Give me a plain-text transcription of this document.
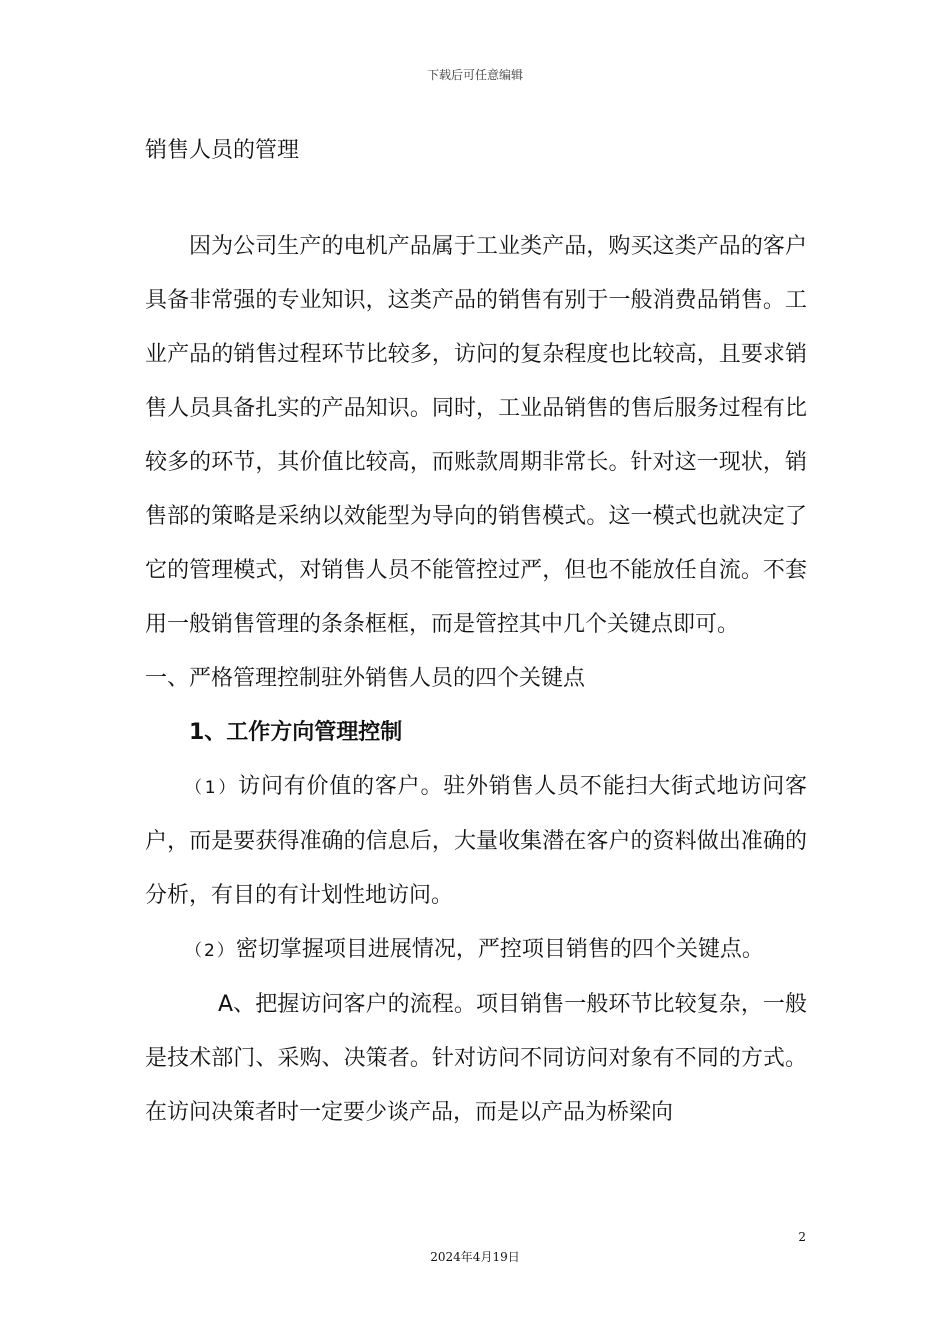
下载后可任意编辑
销售人员的管理

因为公司生产的电机产品属于工业类产品，购买这类产品的客户具备非常强的专业知识，这类产品的销售有别于一般消费品销售。工业产品的销售过程环节比较多，访问的复杂程度也比较高，且要求销售人员具备扎实的产品知识。同时，工业品销售的售后服务过程有比较多的环节，其价值比较高，而账款周期非常长。针对这一现状，销售部的策略是采纳以效能型为导向的销售模式。这一模式也就决定了它的管理模式，对销售人员不能管控过严，但也不能放任自流。不套用一般销售管理的条条框框，而是管控其中几个关键点即可。

一、严格管理控制驻外销售人员的四个关键点

1、工作方向管理控制

（1）访问有价值的客户。驻外销售人员不能扫大街式地访问客户，而是要获得准确的信息后，大量收集潜在客户的资料做出准确的分析，有目的有计划性地访问。

（2）密切掌握项目进展情况，严控项目销售的四个关键点。

A、把握访问客户的流程。项目销售一般环节比较复杂，一般是技术部门、采购、决策者。针对访问不同访问对象有不同的方式。在访问决策者时一定要少谈产品，而是以产品为桥梁向

2
2024年4月19日
